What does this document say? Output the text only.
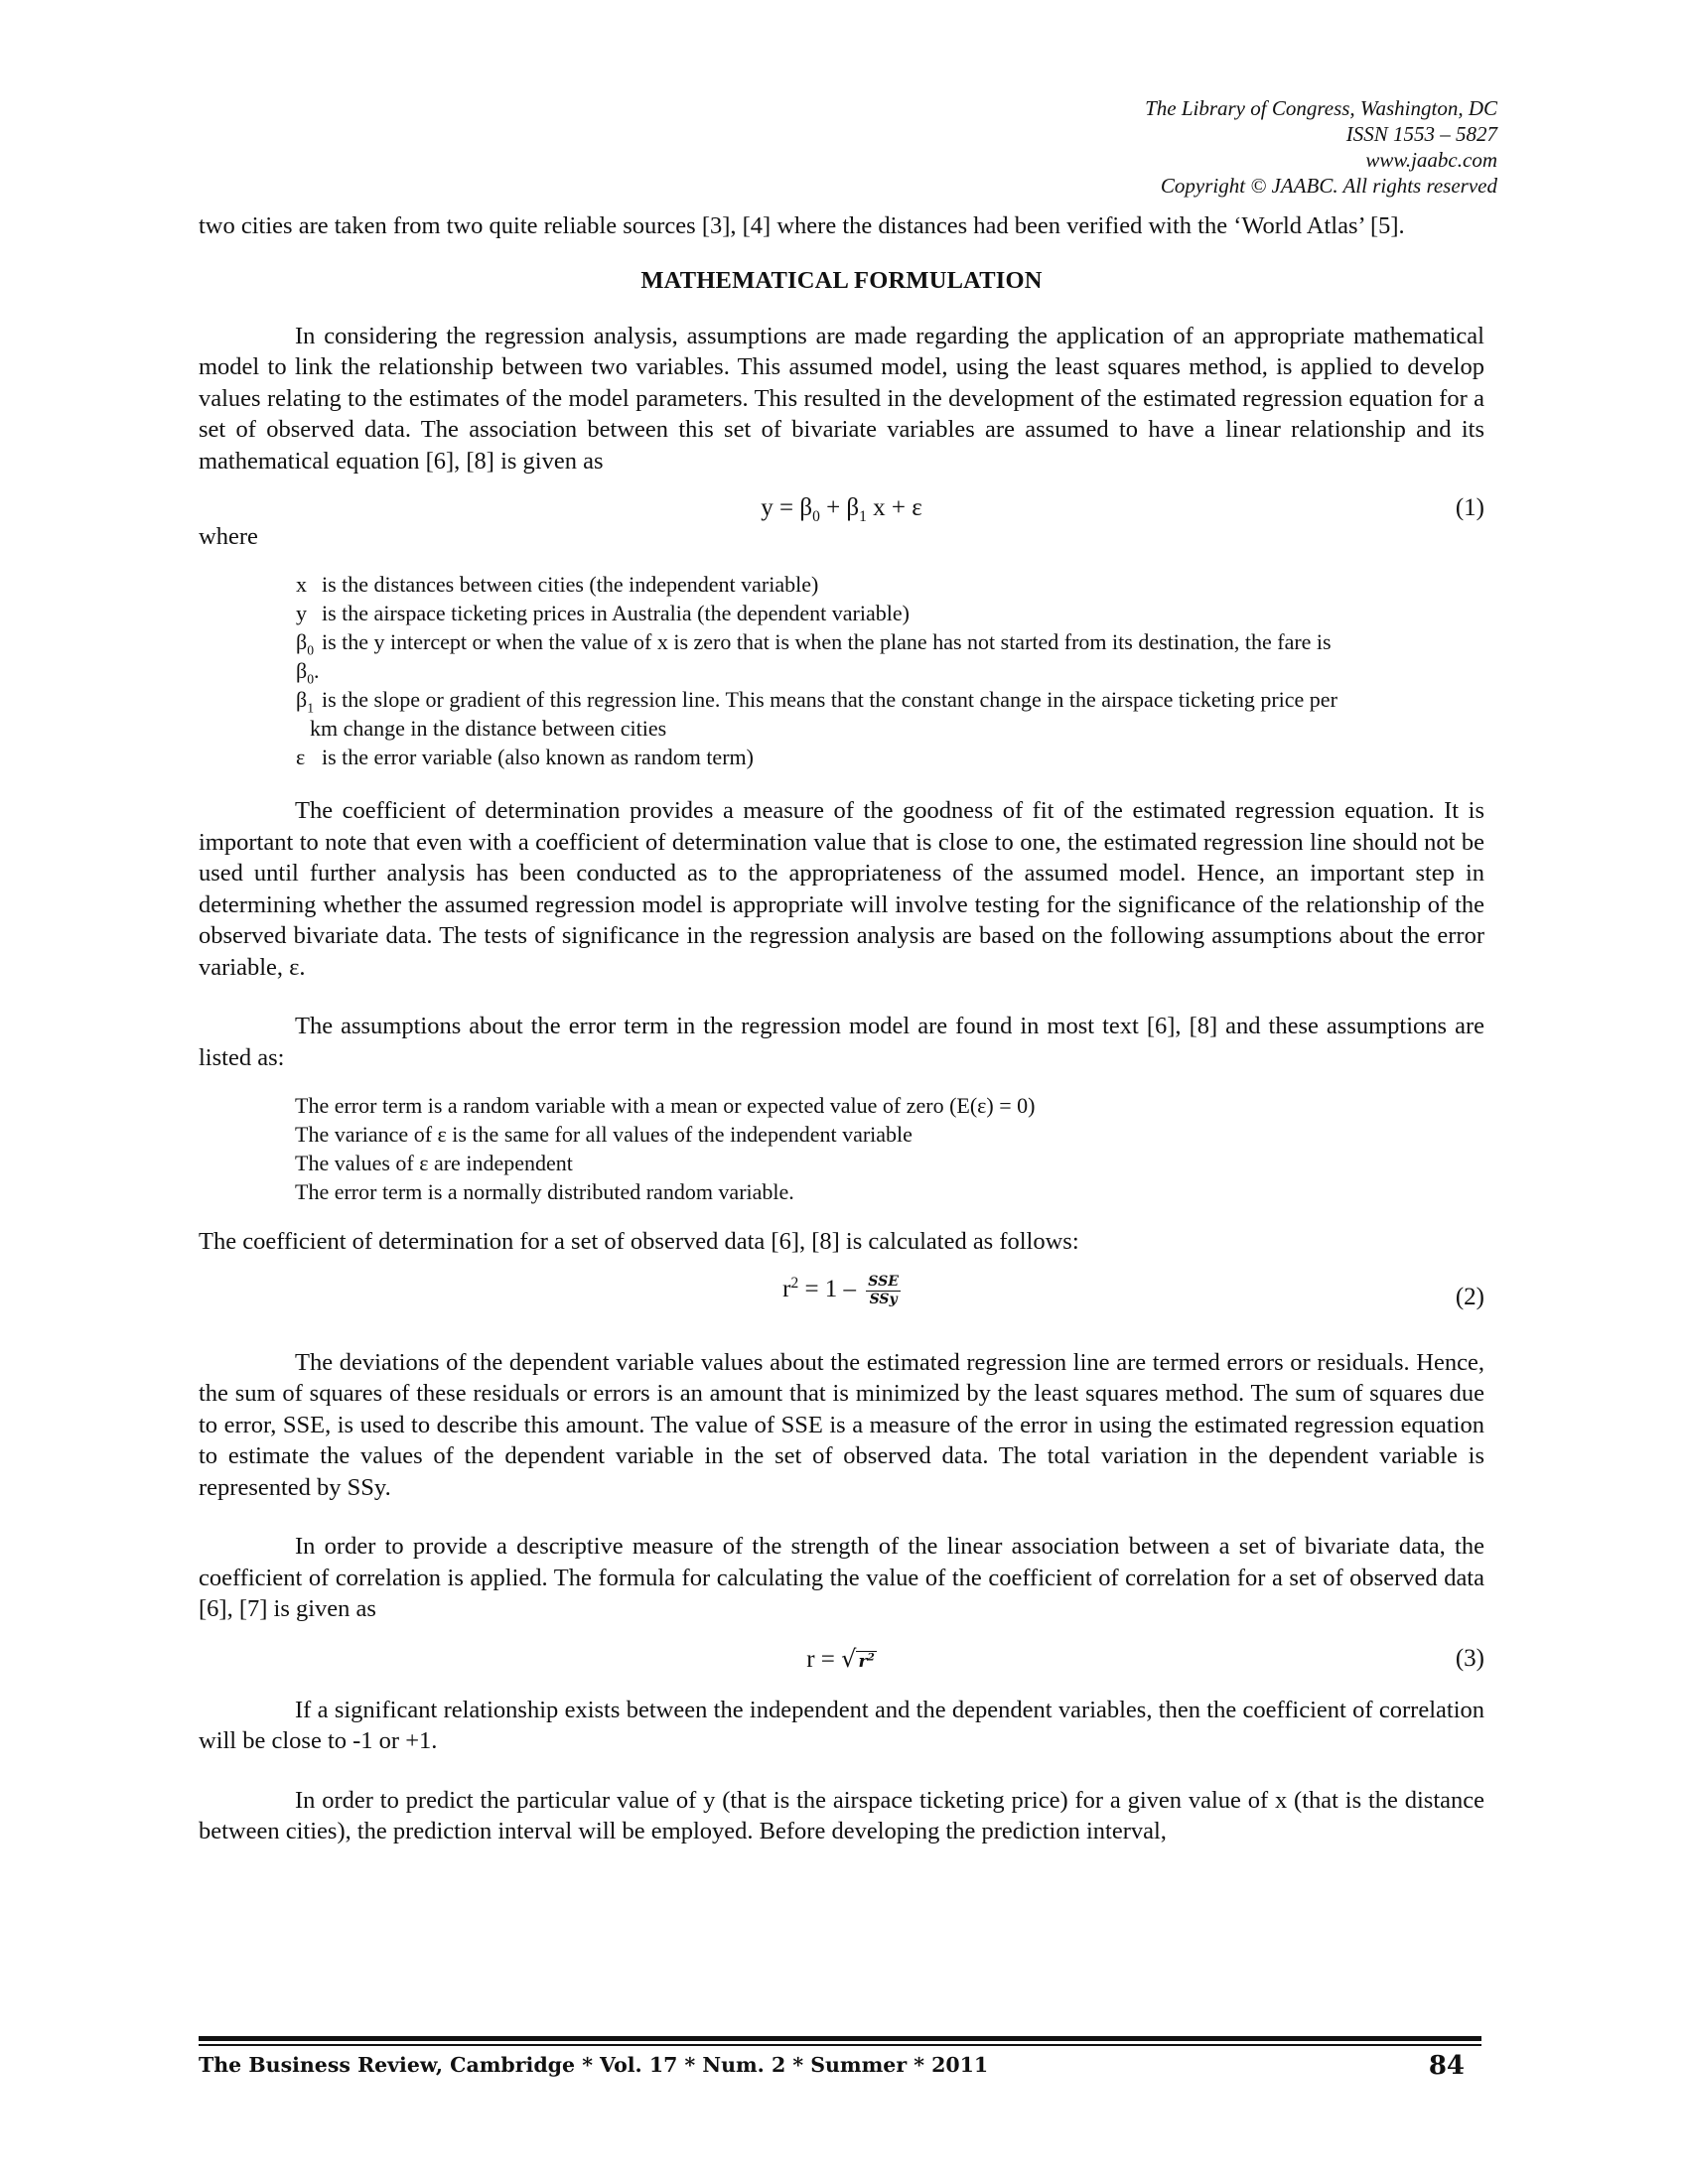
The Library of Congress, Washington, DC
ISSN 1553 – 5827
www.jaabc.com
Copyright © JAABC. All rights reserved

two cities are taken from two quite reliable sources [3], [4] where the distances had been verified with the ‘World Atlas’ [5].

MATHEMATICAL FORMULATION

In considering the regression analysis, assumptions are made regarding the application of an appropriate mathematical model to link the relationship between two variables. This assumed model, using the least squares method, is applied to develop values relating to the estimates of the model parameters. This resulted in the development of the estimated regression equation for a set of observed data. The association between this set of bivariate variables are assumed to have a linear relationship and its mathematical equation [6], [8] is given as

$y = \beta_0 + \beta_1$ x + ε	(1)
where
x is the distances between cities (the independent variable)
y is the airspace ticketing prices in Australia (the dependent variable)
$\beta_0$ is the y intercept or when the value of x is zero that is when the plane has not started from its destination, the fare is
$\beta_0$.
$\beta_1$ is the slope or gradient of this regression line. This means that the constant change in the airspace ticketing price per
km change in the distance between cities
ε is the error variable (also known as random term)

The coefficient of determination provides a measure of the goodness of fit of the estimated regression equation. It is important to note that even with a coefficient of determination value that is close to one, the estimated regression line should not be used until further analysis has been conducted as to the appropriateness of the assumed model. Hence, an important step in determining whether the assumed regression model is appropriate will involve testing for the significance of the relationship of the observed bivariate data. The tests of significance in the regression analysis are based on the following assumptions about the error variable, ε.

The assumptions about the error term in the regression model are found in most text [6], [8] and these assumptions are listed as:

The error term is a random variable with a mean or expected value of zero (E(ε) = 0)
The variance of ε is the same for all values of the independent variable
The values of ε are independent
The error term is a normally distributed random variable.

The coefficient of determination for a set of observed data [6], [8] is calculated as follows:

$r^2 = 1 - \frac{\text{SSE}}{\text{SSy}}$	(2)

The deviations of the dependent variable values about the estimated regression line are termed errors or residuals. Hence, the sum of squares of these residuals or errors is an amount that is minimized by the least squares method. The sum of squares due to error, SSE, is used to describe this amount. The value of SSE is a measure of the error in using the estimated regression equation to estimate the values of the dependent variable in the set of observed data. The total variation in the dependent variable is represented by SSy.

In order to provide a descriptive measure of the strength of the linear association between a set of bivariate data, the coefficient of correlation is applied. The formula for calculating the value of the coefficient of correlation for a set of observed data [6], [7] is given as

r = √ $r^2$	(3)

If a significant relationship exists between the independent and the dependent variables, then the coefficient of correlation will be close to -1 or +1.

In order to predict the particular value of y (that is the airspace ticketing price) for a given value of x (that is the distance between cities), the prediction interval will be employed. Before developing the prediction interval,

The Business Review, Cambridge * Vol. 17 * Num. 2 * Summer * 2011	84
